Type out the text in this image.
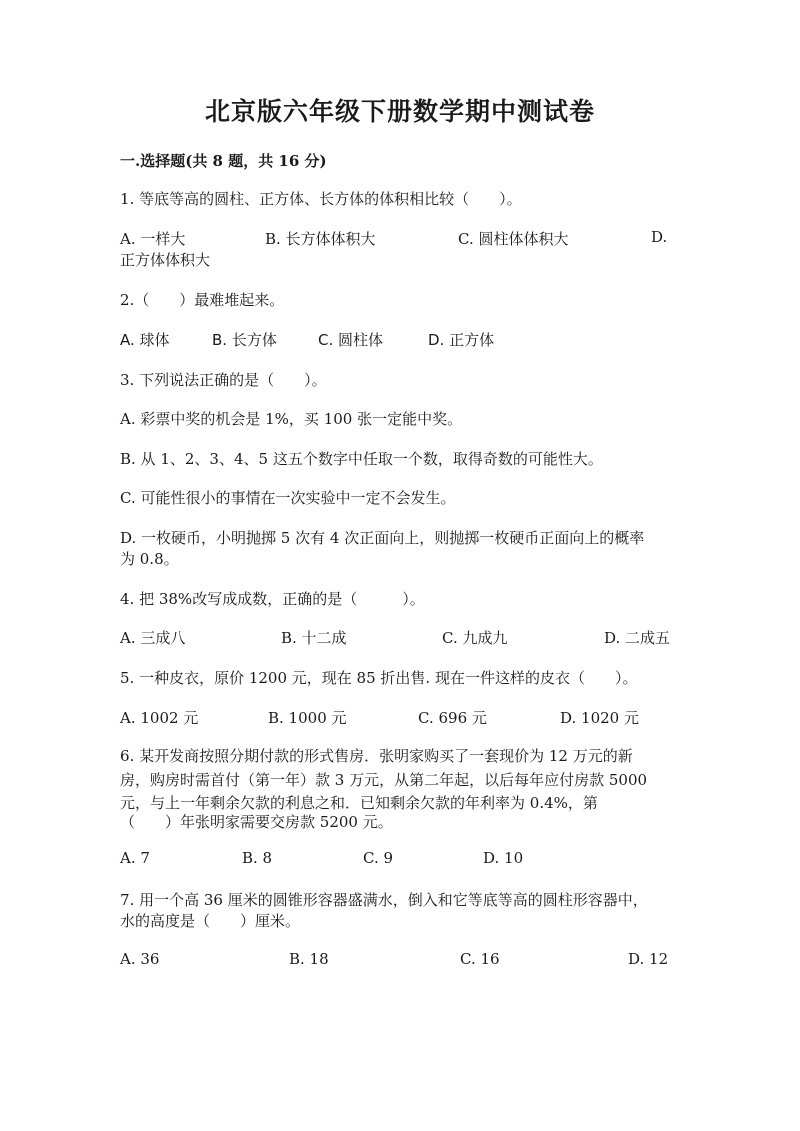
北京版六年级下册数学期中测试卷
一.选择题(共 8 题，共 16 分)
1. 等底等高的圆柱、正方体、长方体的体积相比较（　　）。
A. 一样大	B. 长方体体积大	C. 圆柱体体积大	D.
正方体体积大
2.（　　）最难堆起来。
A. 球体	B. 长方体	C. 圆柱体	D. 正方体
3. 下列说法正确的是（　　）。
A. 彩票中奖的机会是 1%，买 100 张一定能中奖。
B. 从 1、2、3、4、5 这五个数字中任取一个数，取得奇数的可能性大。
C. 可能性很小的事情在一次实验中一定不会发生。
D. 一枚硬币，小明抛掷 5 次有 4 次正面向上，则抛掷一枚硬币正面向上的概率
为 0.8。
4. 把 38%改写成成数，正确的是（　　　）。
A. 三成八	B. 十二成	C. 九成九	D. 二成五
5. 一种皮衣，原价 1200 元，现在 85 折出售. 现在一件这样的皮衣（　　）。
A. 1002 元	B. 1000 元	C. 696 元	D. 1020 元
6. 某开发商按照分期付款的形式售房．张明家购买了一套现价为 12 万元的新
房，购房时需首付（第一年）款 3 万元，从第二年起，以后每年应付房款 5000
元，与上一年剩余欠款的利息之和．已知剩余欠款的年利率为 0.4%，第
（　　）年张明家需要交房款 5200 元。
A. 7	B. 8	C. 9	D. 10
7. 用一个高 36 厘米的圆锥形容器盛满水，倒入和它等底等高的圆柱形容器中，
水的高度是（　　）厘米。
A. 36	B. 18	C. 16	D. 12
